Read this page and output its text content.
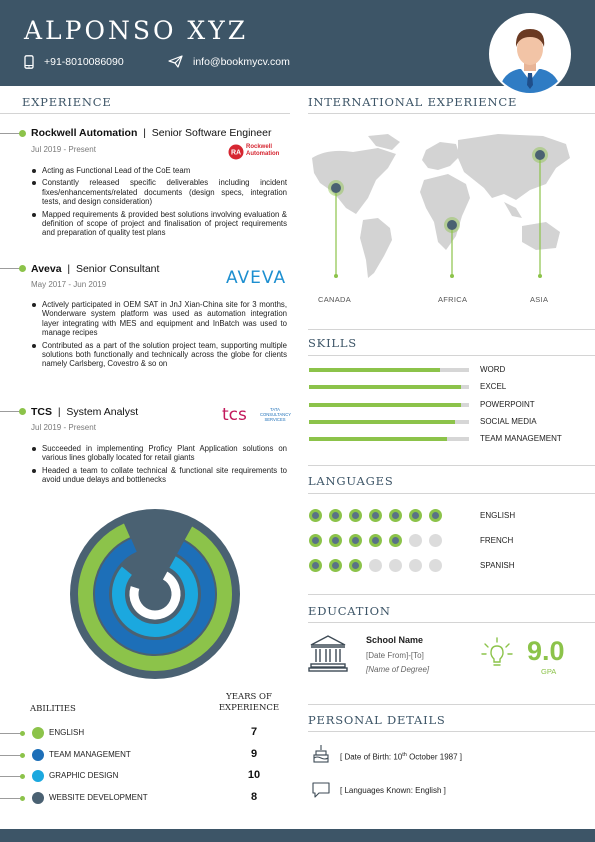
ALPONSO XYZ
+91-8010086090	info@bookmycv.com
EXPERIENCE
Rockwell Automation  |  Senior Software Engineer
Jul 2019 - Present	RA
Rockwell
Automation
Acting as Functional Lead of the CoE team
Constantly released specific deliverables including incident fixes/enhancements/related documents (design specs, integration tests, and design consideration)
Mapped requirements & provided best solutions involving evaluation & definition of scope of project and finalisation of project requirements and preparation of quality test plans
Aveva  |  Senior Consultant
May 2017 - Jun 2019	AVEVA
Actively participated in OEM SAT in JnJ Xian-China site for 3 months, Wonderware system platform was used as automation integration layer integrating with MES and equipment and InBatch was used to manage recipes
Contributed as a part of the solution project team, supporting multiple solutions both functionally and technically across the globe for clients namely Carlsberg, Covestro & so on
TCS  |  System Analyst
Jul 2019 - Present
tcs	TATA
CONSULTANCY
SERVICES
Succeeded in implementing Proficy Plant Application solutions on various lines globally located for retail giants
Headed a team to collate technical & functional site requirements to avoid undue delays and bottlenecks
ABILITIES
YEARS OF
EXPERIENCE
ENGLISH	7
TEAM MANAGEMENT	9
GRAPHIC DESIGN	10
WEBSITE DEVELOPMENT	8
INTERNATIONAL EXPERIENCE
CANADA	AFRICA	ASIA
SKILLS
WORD
EXCEL
POWERPOINT
SOCIAL MEDIA
TEAM MANAGEMENT
LANGUAGES
ENGLISH
FRENCH
SPANISH
EDUCATION
School Name
[Date From]-[To]
[Name of Degree]
9.0
GPA
PERSONAL DETAILS
[ Date of Birth: 10th October 1987 ]
[ Languages Known: English ]
